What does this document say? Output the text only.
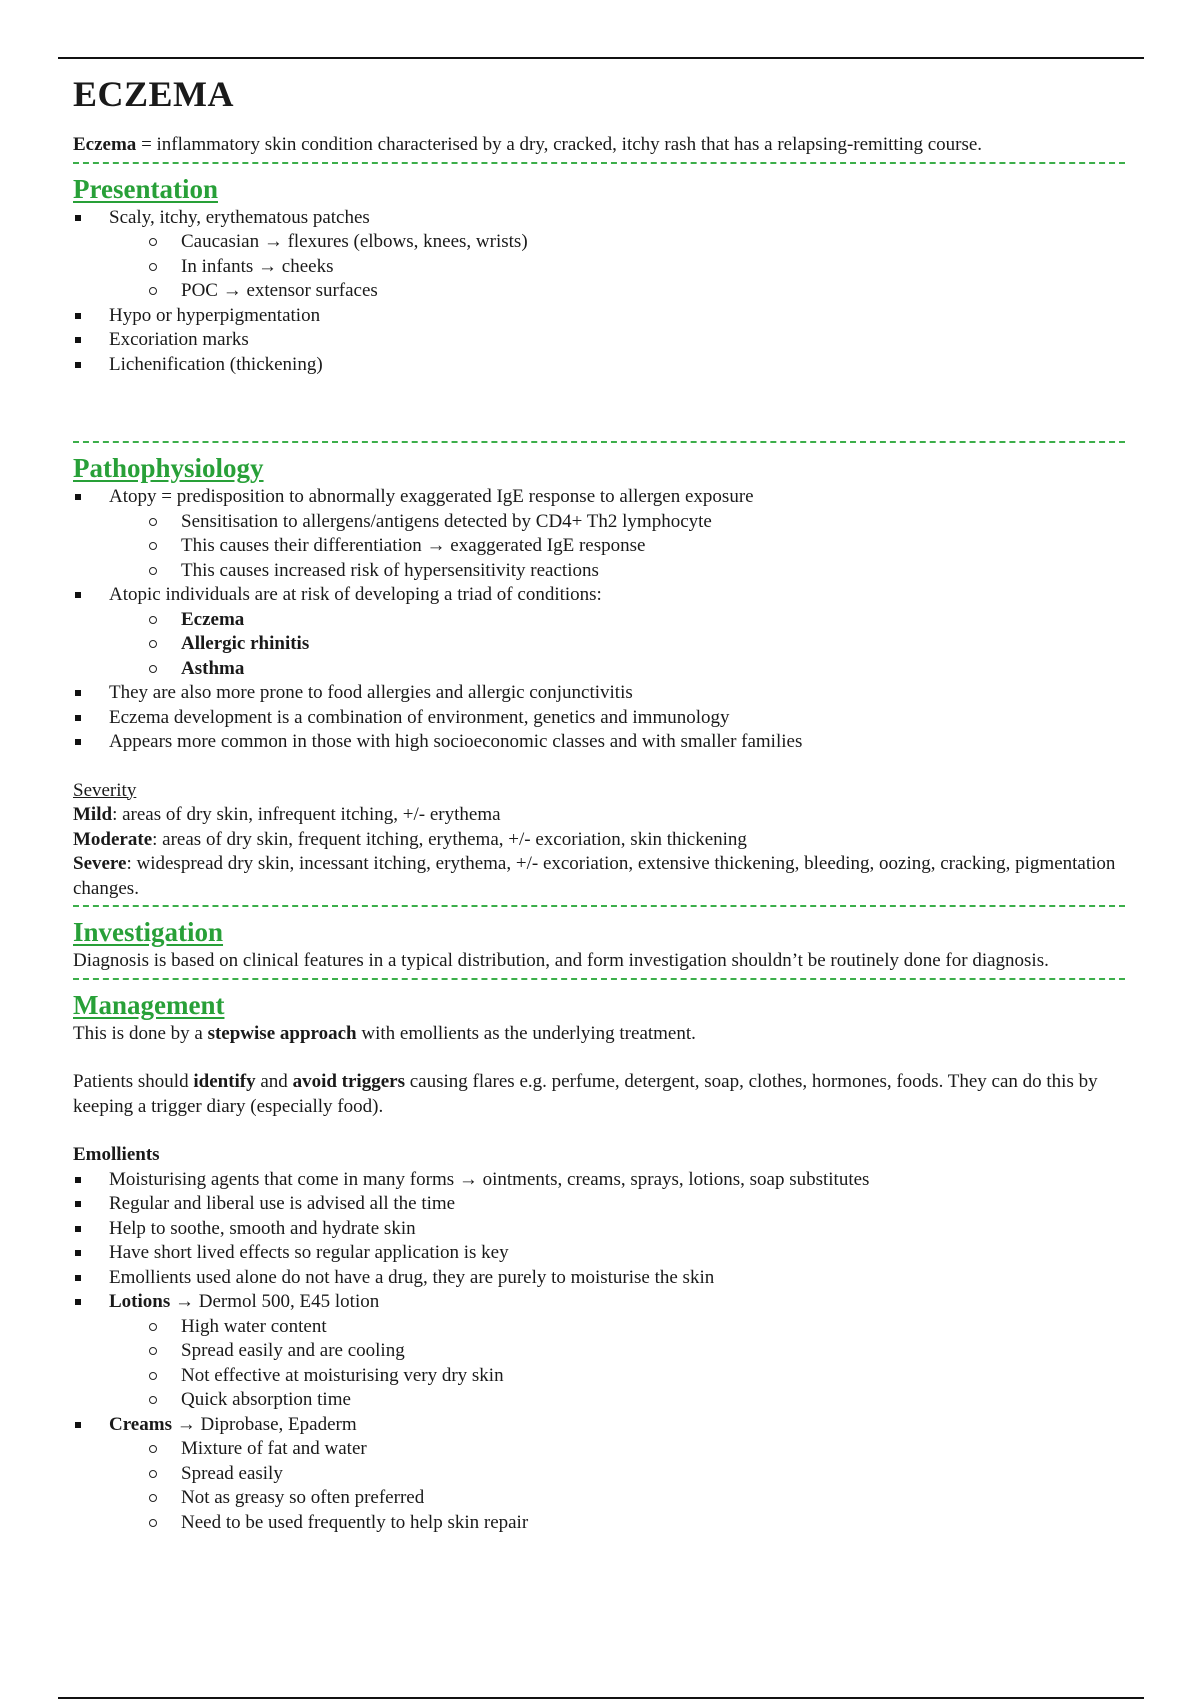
ECZEMA

Eczema = inflammatory skin condition characterised by a dry, cracked, itchy rash that has a relapsing-remitting course.

Presentation
Scaly, itchy, erythematous patches
Caucasian → flexures (elbows, knees, wrists)
In infants → cheeks
POC → extensor surfaces
Hypo or hyperpigmentation
Excoriation marks
Lichenification (thickening)
Pathophysiology
Atopy = predisposition to abnormally exaggerated IgE response to allergen exposure
Sensitisation to allergens/antigens detected by CD4+ Th2 lymphocyte
This causes their differentiation → exaggerated IgE response
This causes increased risk of hypersensitivity reactions
Atopic individuals are at risk of developing a triad of conditions:
Eczema
Allergic rhinitis
Asthma
They are also more prone to food allergies and allergic conjunctivitis
Eczema development is a combination of environment, genetics and immunology
Appears more common in those with high socioeconomic classes and with smaller families

Severity

Mild: areas of dry skin, infrequent itching, +/- erythema

Moderate: areas of dry skin, frequent itching, erythema, +/- excoriation, skin thickening

Severe: widespread dry skin, incessant itching, erythema, +/- excoriation, extensive thickening, bleeding, oozing, cracking, pigmentation changes.

Investigation

Diagnosis is based on clinical features in a typical distribution, and form investigation shouldn’t be routinely done for diagnosis.

Management

This is done by a stepwise approach with emollients as the underlying treatment.

Patients should identify and avoid triggers causing flares e.g. perfume, detergent, soap, clothes, hormones, foods. They can do this by keeping a trigger diary (especially food).

Emollients

Moisturising agents that come in many forms → ointments, creams, sprays, lotions, soap substitutes
Regular and liberal use is advised all the time
Help to soothe, smooth and hydrate skin
Have short lived effects so regular application is key
Emollients used alone do not have a drug, they are purely to moisturise the skin
Lotions → Dermol 500, E45 lotion
High water content
Spread easily and are cooling
Not effective at moisturising very dry skin
Quick absorption time
Creams → Diprobase, Epaderm
Mixture of fat and water
Spread easily
Not as greasy so often preferred
Need to be used frequently to help skin repair
